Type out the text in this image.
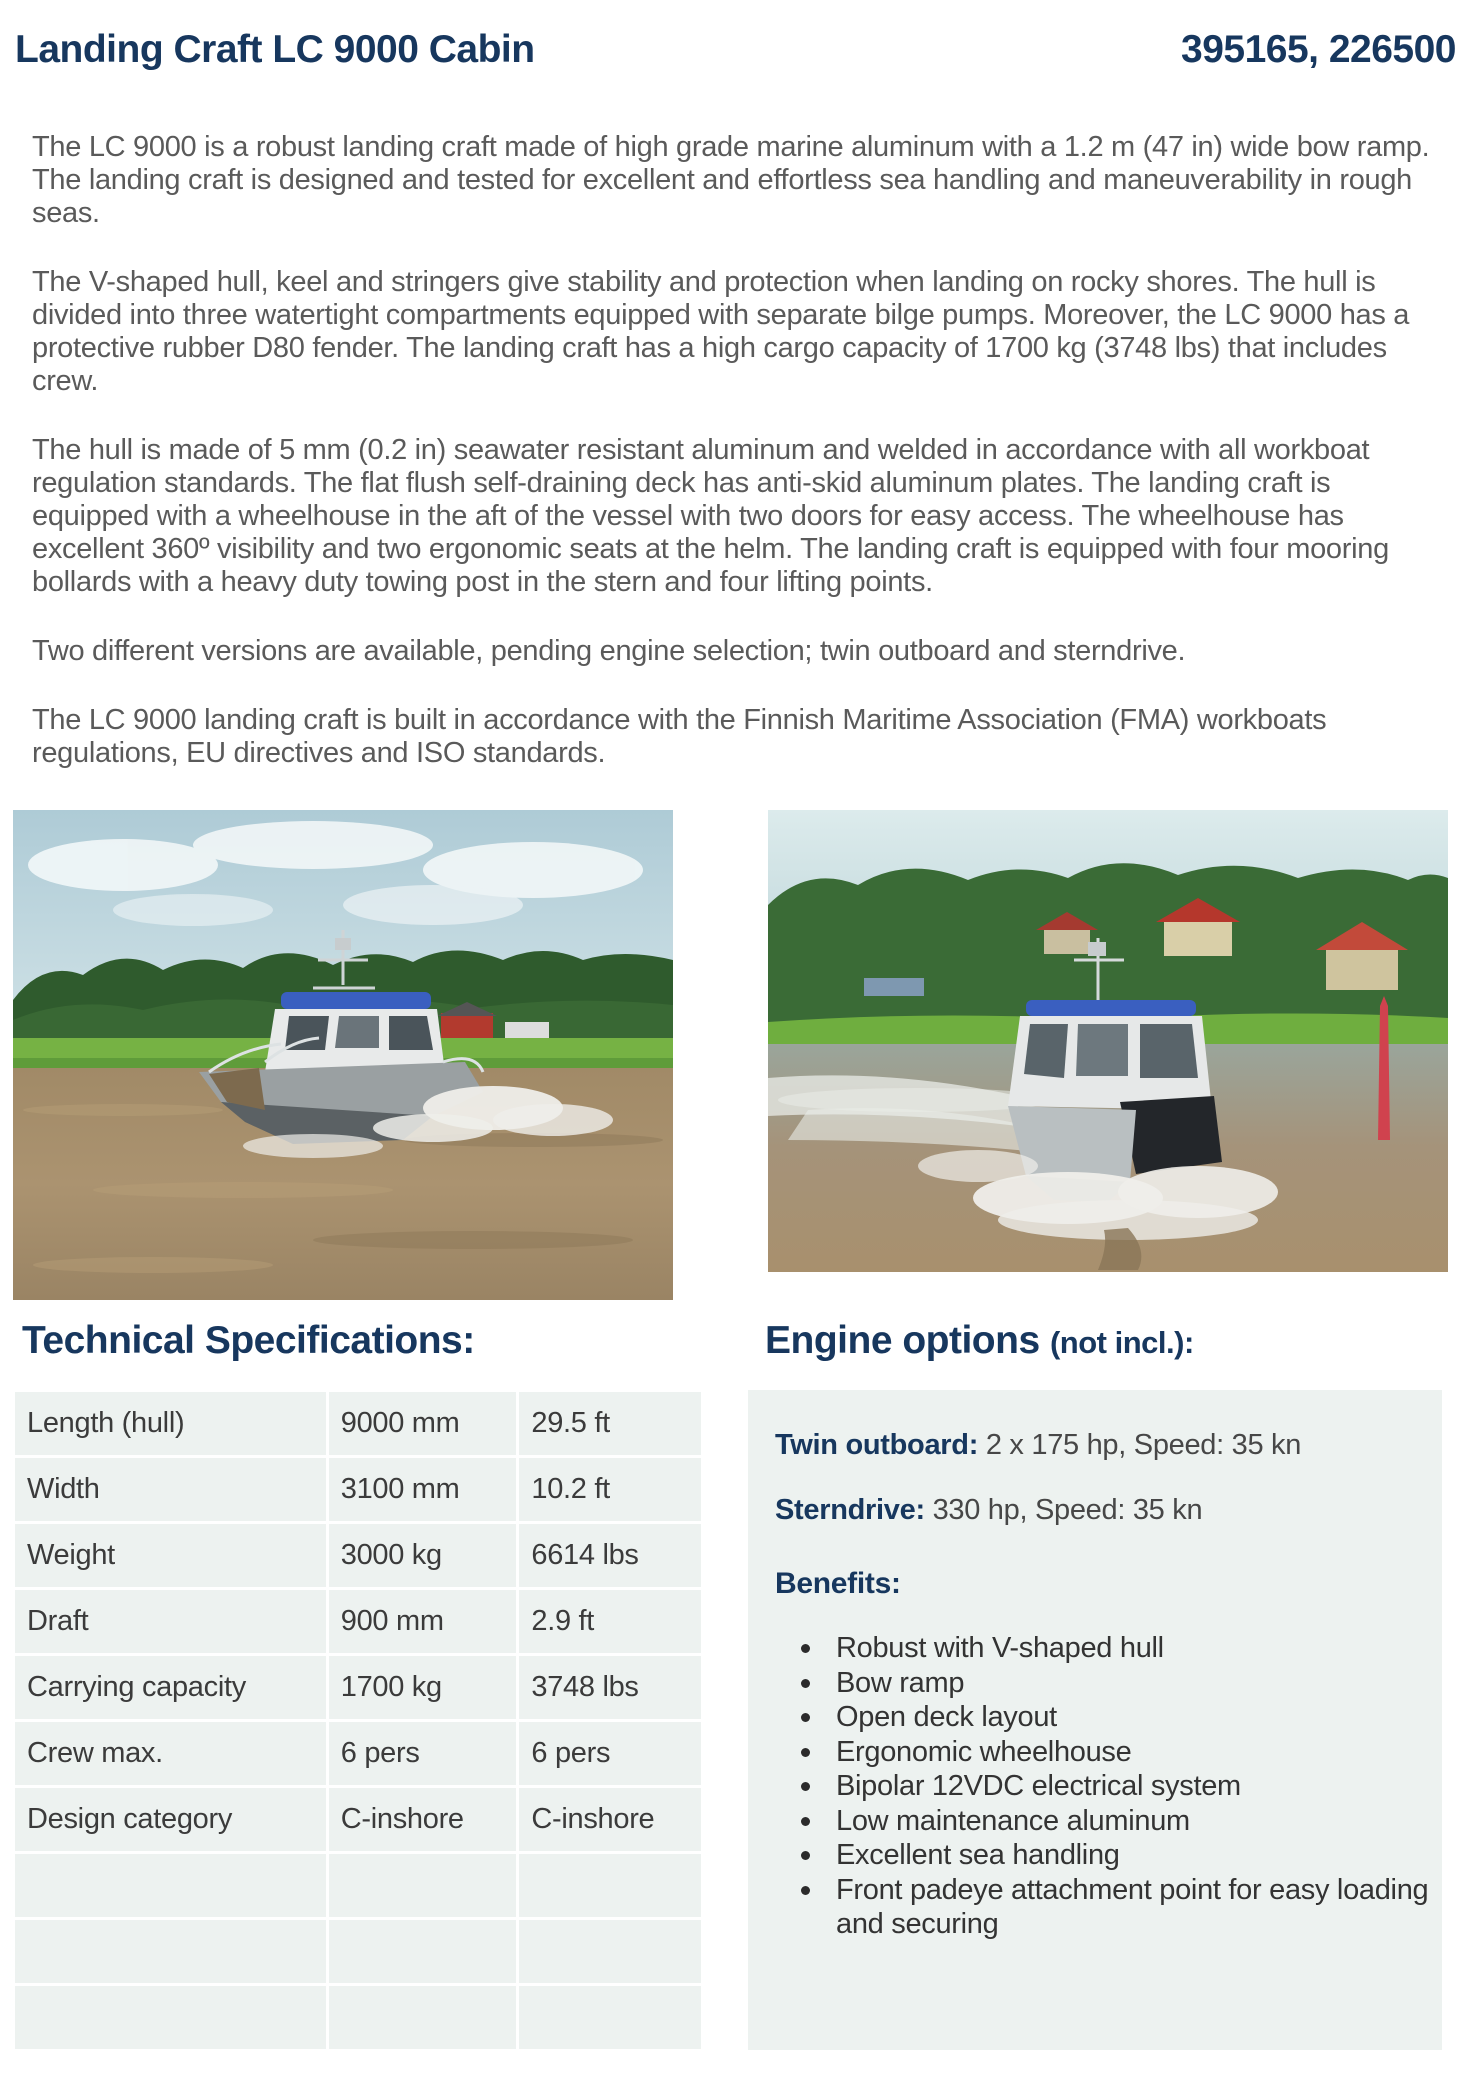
Landing Craft LC 9000 Cabin	395165, 226500

The LC 9000 is a robust landing craft made of high grade marine aluminum with a 1.2 m (47 in) wide bow ramp. The landing craft is designed and tested for excellent and effortless sea handling and maneuverability in rough seas.

The V-shaped hull, keel and stringers give stability and protection when landing on rocky shores. The hull is divided into three watertight compartments equipped with separate bilge pumps. Moreover, the LC 9000 has a protective rubber D80 fender. The landing craft has a high cargo capacity of 1700 kg (3748 lbs) that includes crew.

The hull is made of 5 mm (0.2 in) seawater resistant aluminum and welded in accordance with all workboat regulation standards. The flat flush self-draining deck has anti-skid aluminum plates. The landing craft is equipped with a wheelhouse in the aft of the vessel with two doors for easy access. The wheelhouse has excellent 360º visibility and two ergonomic seats at the helm. The landing craft is equipped with four mooring bollards with a heavy duty towing post in the stern and four lifting points.

Two different versions are available, pending engine selection; twin outboard and sterndrive.

The LC 9000 landing craft is built in accordance with the Finnish Maritime Association (FMA) workboats regulations, EU directives and ISO standards.

Technical Specifications:
Length (hull)	9000 mm	29.5 ft
Width	3100 mm	10.2 ft
Weight	3000 kg	6614 lbs
Draft	900 mm	2.9 ft
Carrying capacity	1700 kg	3748 lbs
Crew max.	6 pers	6 pers
Design category	C-inshore	C-inshore

Engine options (not incl.):

Twin outboard: 2 x 175 hp, Speed: 35 kn

Sterndrive: 330 hp, Speed: 35 kn

Benefits:

Robust with V-shaped hull
Bow ramp
Open deck layout
Ergonomic wheelhouse
Bipolar 12VDC electrical system
Low maintenance aluminum
Excellent sea handling
Front padeye attachment point for easy loading and securing
